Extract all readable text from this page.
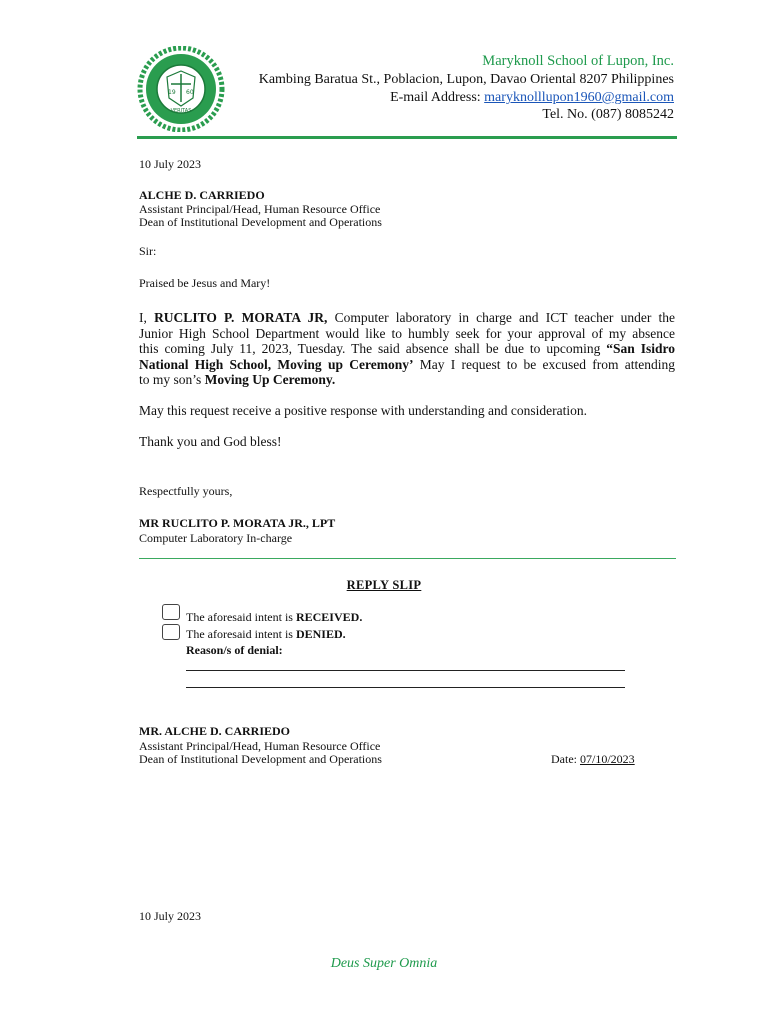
19 60
VERITAS
Maryknoll School of Lupon, Inc.
Kambing Baratua St., Poblacion, Lupon, Davao Oriental 8207 Philippines
E-mail Address: maryknolllupon1960@gmail.com
Tel. No. (087) 8085242
10 July 2023
ALCHE D. CARRIEDO
Assistant Principal/Head, Human Resource Office
Dean of Institutional Development and Operations
Sir:
Praised be Jesus and Mary!
I, RUCLITO P. MORATA JR, Computer laboratory in charge and ICT teacher under the
Junior High School Department would like to humbly seek for your approval of my absence
this coming July 11, 2023, Tuesday. The said absence shall be due to upcoming “San Isidro
National High School, Moving up Ceremony’ May I request to be excused from attending
to my son’s Moving Up Ceremony.
May this request receive a positive response with understanding and consideration.
Thank you and God bless!
Respectfully yours,
MR RUCLITO P. MORATA JR., LPT
Computer Laboratory In-charge
REPLY SLIP
The aforesaid intent is RECEIVED.
The aforesaid intent is DENIED.
Reason/s of denial:
MR. ALCHE D. CARRIEDO
Assistant Principal/Head, Human Resource Office
Dean of Institutional Development and Operations	Date: 07/10/2023
10 July 2023
Deus Super Omnia
